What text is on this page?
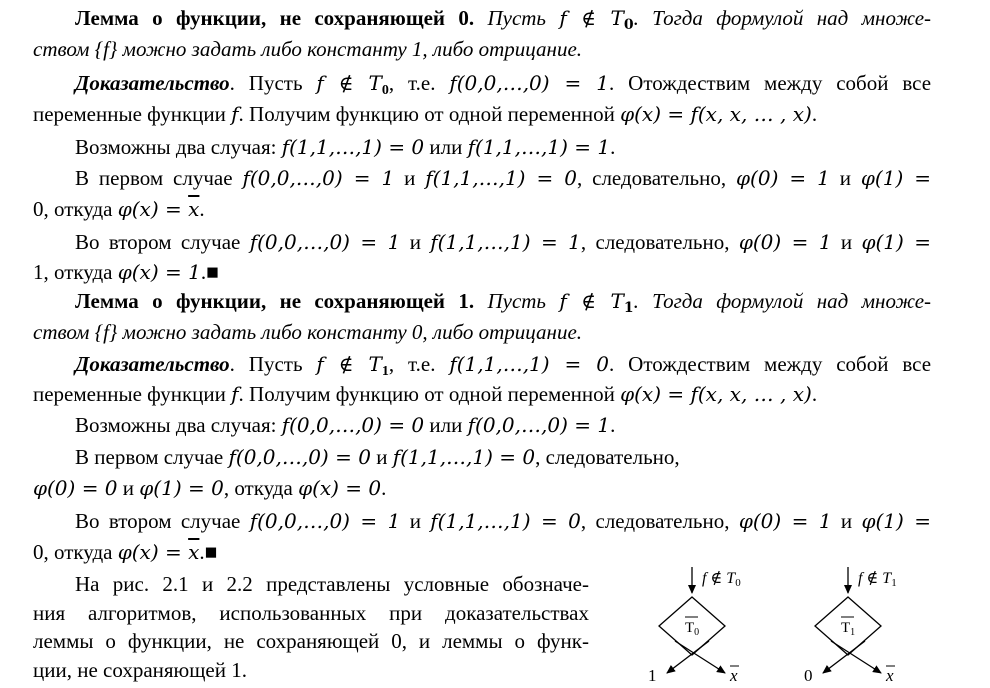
Лемма о функции, не сохраняющей 0. Пусть f ∉ $T_0$. Тогда формулой над множе-
ством {f} можно задать либо константу 1, либо отрицание.
Доказательство. Пусть f ∉ $T_0$, т.е. f(0,0,…,0) = 1. Отождествим между собой все
переменные функции f. Получим функцию от одной переменной φ(x) = f(x, x, … , x).
Возможны два случая: f(1,1,…,1) = 0 или f(1,1,…,1) = 1.
В первом случае f(0,0,…,0) = 1 и f(1,1,…,1) = 0, следовательно, φ(0) = 1 и φ(1) =
0, откуда $\varphi(x) = \overline{x}$.
Во втором случае f(0,0,…,0) = 1 и f(1,1,…,1) = 1, следовательно, φ(0) = 1 и φ(1) =
1, откуда φ(x) = 1.■
Лемма о функции, не сохраняющей 1. Пусть f ∉ $T_1$. Тогда формулой над множе-
ством {f} можно задать либо константу 0, либо отрицание.
Доказательство. Пусть f ∉ $T_1$, т.е. f(1,1,…,1) = 0. Отождествим между собой все
переменные функции f. Получим функцию от одной переменной φ(x) = f(x, x, … , x).
Возможны два случая: f(0,0,…,0) = 0 или f(0,0,…,0) = 1.
В первом случае f(0,0,…,0) = 0 и f(1,1,…,1) = 0, следовательно,
φ(0) = 0 и φ(1) = 0, откуда φ(x) = 0.
Во втором случае f(0,0,…,0) = 1 и f(1,1,…,1) = 0, следовательно, φ(0) = 1 и φ(1) =
0, откуда $\varphi(x) = \overline{x}.■$
На рис. 2.1 и 2.2 представлены условные обозначе-
ния алгоритмов, использованных при доказательствах
леммы о функции, не сохраняющей 0, и леммы о функ-
ции, не сохраняющей 1.
f ∉ T0
$T_0$
1	x
f ∉ T1
$T_1$
0	x
